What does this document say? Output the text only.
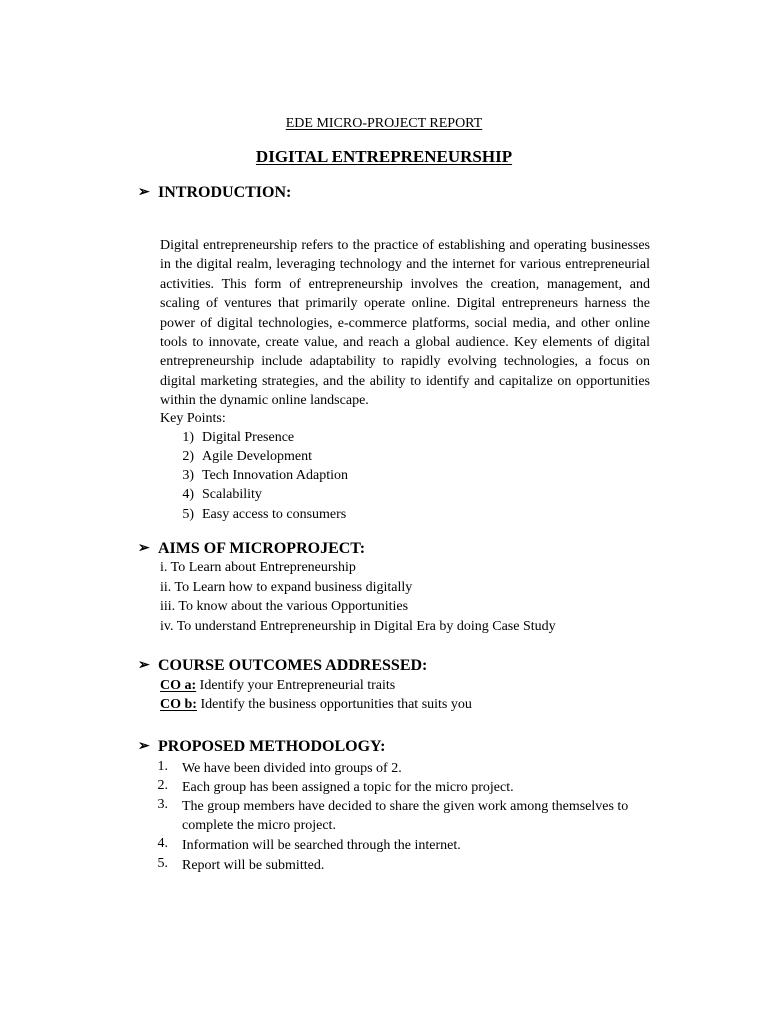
EDE MICRO-PROJECT REPORT
DIGITAL ENTREPRENEURSHIP
➢ INTRODUCTION:

Digital entrepreneurship refers to the practice of establishing and operating businesses in the digital realm, leveraging technology and the internet for various entrepreneurial activities. This form of entrepreneurship involves the creation, management, and scaling of ventures that primarily operate online. Digital entrepreneurs harness the power of digital technologies, e-commerce platforms, social media, and other online tools to innovate, create value, and reach a global audience. Key elements of digital entrepreneurship include adaptability to rapidly evolving technologies, a focus on digital marketing strategies, and the ability to identify and capitalize on opportunities within the dynamic online landscape.

Key Points:
1) Digital Presence
2) Agile Development
3) Tech Innovation Adaption
4) Scalability
5) Easy access to consumers
➢ AIMS OF MICROPROJECT:
i. To Learn about Entrepreneurship
ii. To Learn how to expand business digitally
iii. To know about the various Opportunities
iv. To understand Entrepreneurship in Digital Era by doing Case Study
➢ COURSE OUTCOMES ADDRESSED:
CO a: Identify your Entrepreneurial traits
CO b: Identify the business opportunities that suits you
➢ PROPOSED METHODOLOGY:
1. We have been divided into groups of 2.
2. Each group has been assigned a topic for the micro project.
3. The group members have decided to share the given work among themselves to complete the micro project.
4. Information will be searched through the internet.
5. Report will be submitted.
